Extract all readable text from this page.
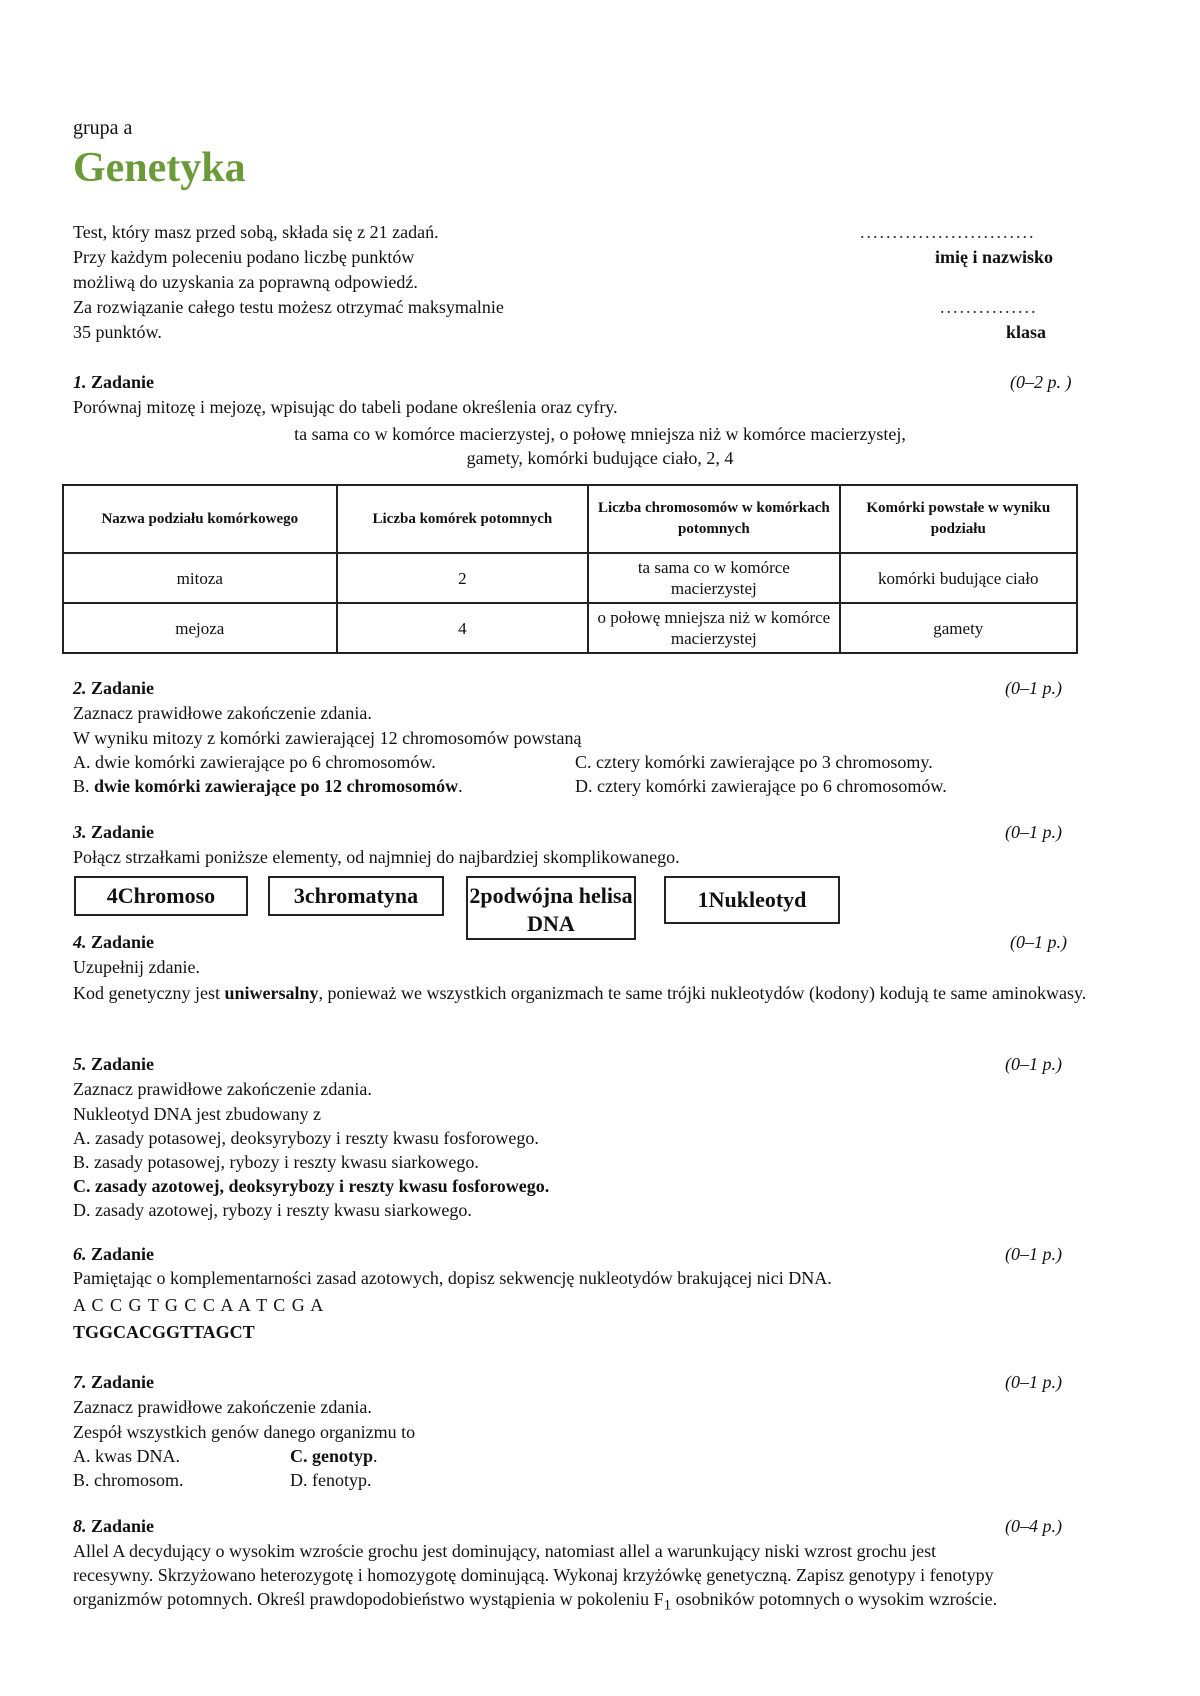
grupa a
Genetyka
Test, który masz przed sobą, składa się z 21 zadań.
Przy każdym poleceniu podano liczbę punktów
możliwą do uzyskania za poprawną odpowiedź.
Za rozwiązanie całego testu możesz otrzymać maksymalnie
35 punktów.
...........................
imię i nazwisko
...............
klasa
1. Zadanie	(0–2 p. )
Porównaj mitozę i mejozę, wpisując do tabeli podane określenia oraz cyfry.
ta sama co w komórce macierzystej, o połowę mniejsza niż w komórce macierzystej,
gamety, komórki budujące ciało, 2, 4
Nazwa podziału komórkowego	Liczba komórek potomnych	Liczba chromosomów w komórkach potomnych	Komórki powstałe w wyniku podziału
mitoza	2	ta sama co w komórce macierzystej	komórki budujące ciało
mejoza	4	o połowę mniejsza niż w komórce macierzystej	gamety
2. Zadanie	(0–1 p.)
Zaznacz prawidłowe zakończenie zdania.
W wyniku mitozy z komórki zawierającej 12 chromosomów powstaną
A. dwie komórki zawierające po 6 chromosomów.
B. dwie komórki zawierające po 12 chromosomów.
C. cztery komórki zawierające po 3 chromosomy.
D. cztery komórki zawierające po 6 chromosomów.
3. Zadanie	(0–1 p.)
Połącz strzałkami poniższe elementy, od najmniej do najbardziej skomplikowanego.
4Chromoso	3chromatyna	2podwójna helisa DNA
1Nukleotyd
4. Zadanie	(0–1 p.)
Uzupełnij zdanie.
Kod genetyczny jest uniwersalny, ponieważ we wszystkich organizmach te same trójki nukleotydów (kodony) kodują te same aminokwasy.
5. Zadanie	(0–1 p.)
Zaznacz prawidłowe zakończenie zdania.
Nukleotyd DNA jest zbudowany z
A. zasady potasowej, deoksyrybozy i reszty kwasu fosforowego.
B. zasady potasowej, rybozy i reszty kwasu siarkowego.
C. zasady azotowej, deoksyrybozy i reszty kwasu fosforowego.
D. zasady azotowej, rybozy i reszty kwasu siarkowego.
6. Zadanie	(0–1 p.)
Pamiętając o komplementarności zasad azotowych, dopisz sekwencję nukleotydów brakującej nici DNA.
A C C G T G C C A A T C G A
TGGCACGGTTAGCT
7. Zadanie	(0–1 p.)
Zaznacz prawidłowe zakończenie zdania.
Zespół wszystkich genów danego organizmu to
A. kwas DNA.
B. chromosom.
C. genotyp.
D. fenotyp.
8. Zadanie	(0–4 p.)
Allel A decydujący o wysokim wzroście grochu jest dominujący, natomiast allel a warunkujący niski wzrost grochu jest
recesywny. Skrzyżowano heterozygotę i homozygotę dominującą. Wykonaj krzyżówkę genetyczną. Zapisz genotypy i fenotypy
organizmów potomnych. Określ prawdopodobieństwo wystąpienia w pokoleniu $F_1$ osobników potomnych o wysokim wzroście.
